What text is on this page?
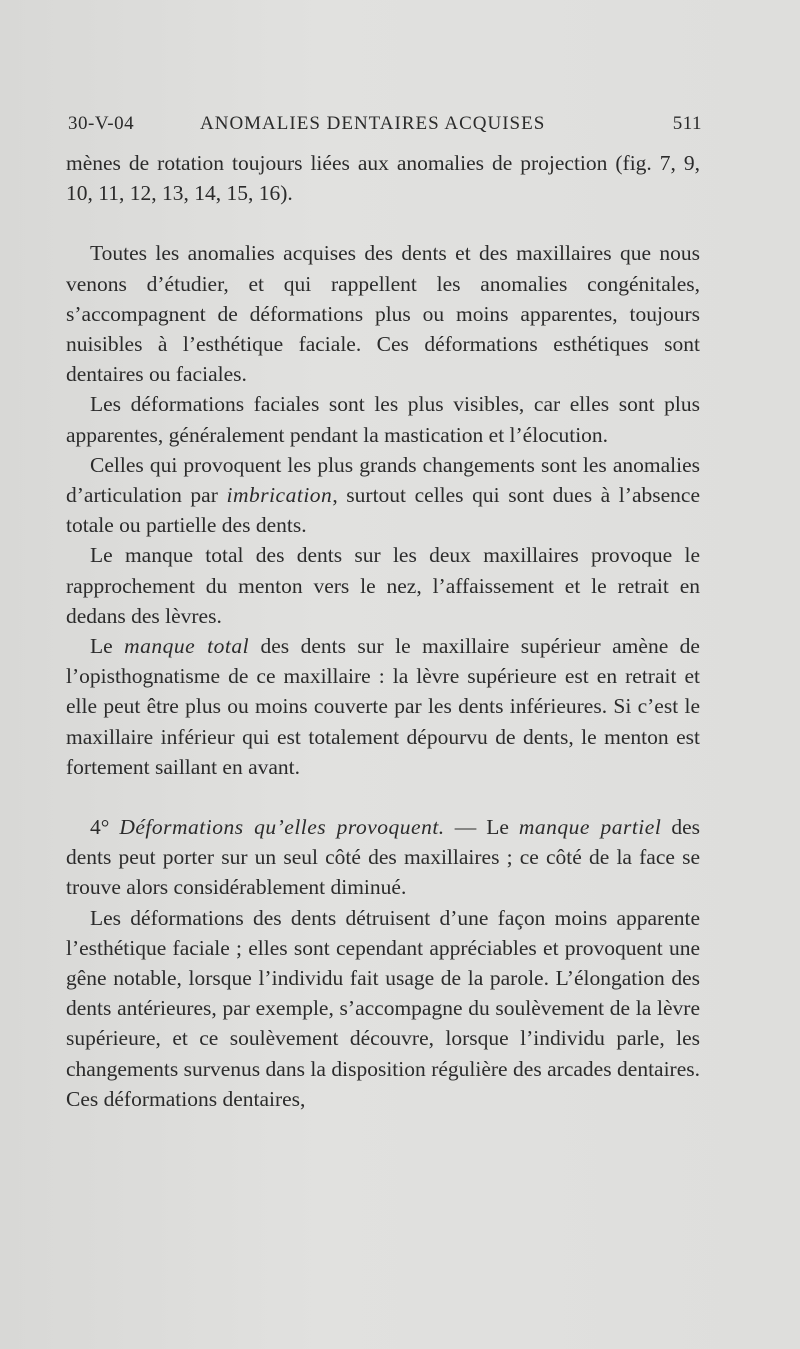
30-V-04	ANOMALIES DENTAIRES ACQUISES	511

mènes de rotation toujours liées aux anomalies de projection (fig. 7, 9, 10, 11, 12, 13, 14, 15, 16).

Toutes les anomalies acquises des dents et des maxillaires que nous venons d’étudier, et qui rappellent les anomalies congénitales, s’accompagnent de déformations plus ou moins apparentes, toujours nuisibles à l’esthétique faciale. Ces déformations esthétiques sont dentaires ou faciales.

Les déformations faciales sont les plus visibles, car elles sont plus apparentes, généralement pendant la mastication et l’élocution.

Celles qui provoquent les plus grands changements sont les anomalies d’articulation par imbrication, surtout celles qui sont dues à l’absence totale ou partielle des dents.

Le manque total des dents sur les deux maxillaires provoque le rapprochement du menton vers le nez, l’affaissement et le retrait en dedans des lèvres.

Le manque total des dents sur le maxillaire supérieur amène de l’opisthognatisme de ce maxillaire : la lèvre supérieure est en retrait et elle peut être plus ou moins couverte par les dents inférieures. Si c’est le maxillaire inférieur qui est totalement dépourvu de dents, le menton est fortement saillant en avant.

4° Déformations qu’elles provoquent. — Le manque partiel des dents peut porter sur un seul côté des maxillaires ; ce côté de la face se trouve alors considérablement diminué.

Les déformations des dents détruisent d’une façon moins apparente l’esthétique faciale ; elles sont cependant appréciables et provoquent une gêne notable, lorsque l’individu fait usage de la parole. L’élongation des dents antérieures, par exemple, s’accompagne du soulèvement de la lèvre supérieure, et ce soulèvement découvre, lorsque l’individu parle, les changements survenus dans la disposition régulière des arcades dentaires. Ces déformations dentaires,
